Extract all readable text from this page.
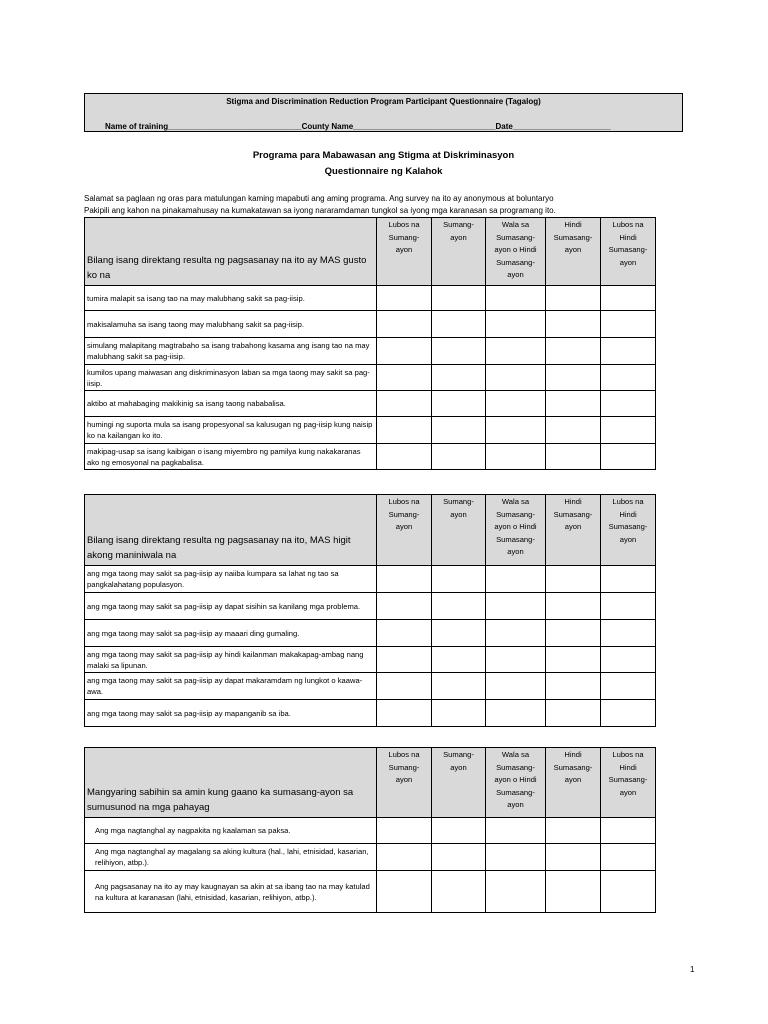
Stigma and Discrimination Reduction Program Participant Questionnaire (Tagalog)
Name of training______________________________County Name________________________________Date______________________
Programa para Mabawasan ang Stigma at Diskriminasyon
Questionnaire ng Kalahok
Salamat sa paglaan ng oras para matulungan kaming mapabuti ang aming programa. Ang survey na ito ay anonymous at boluntaryo
Pakipili ang kahon na pinakamahusay na kumakatawan sa iyong nararamdaman tungkol sa iyong mga karanasan sa programang ito.
Bilang isang direktang resulta ng pagsasanay na ito ay MAS gusto ko na	Lubos na
Sumang-
ayon	Sumang-
ayon	Wala sa
Sumasang-
ayon o Hindi
Sumasang-
ayon	Hindi
Sumasang-
ayon	Lubos na
Hindi
Sumasang-
ayon
tumira malapit sa isang tao na may malubhang sakit sa pag-iisip.					
makisalamuha sa isang taong may malubhang sakit sa pag-iisip.					
simulang malapitang magtrabaho sa isang trabahong kasama ang isang tao na may malubhang sakit sa pag-iisip.					
kumilos upang maiwasan ang diskriminasyon laban sa mga taong may sakit sa pag-iisip.					
aktibo at mahabaging makikinig sa isang taong nababalisa.					
humingi ng suporta mula sa isang propesyonal sa kalusugan ng pag-iisip kung naisip ko na kailangan ko ito.					
makipag-usap sa isang kaibigan o isang miyembro ng pamilya kung nakakaranas ako ng emosyonal na pagkabalisa.					
Bilang isang direktang resulta ng pagsasanay na ito, MAS higit akong maniniwala na	Lubos na
Sumang-
ayon	Sumang-
ayon	Wala sa
Sumasang-
ayon o Hindi
Sumasang-
ayon	Hindi
Sumasang-
ayon	Lubos na
Hindi
Sumasang-
ayon
ang mga taong may sakit sa pag-iisip ay naiiba kumpara sa lahat ng tao sa pangkalahatang populasyon.					
ang mga taong may sakit sa pag-iisip ay dapat sisihin sa kanilang mga problema.					
ang mga taong may sakit sa pag-iisip ay maaari ding gumaling.					
ang mga taong may sakit sa pag-iisip ay hindi kailanman makakapag-ambag nang malaki sa lipunan.					
ang mga taong may sakit sa pag-iisip ay dapat makaramdam ng lungkot o kaawa-awa.					
ang mga taong may sakit sa pag-iisip ay mapanganib sa iba.					
Mangyaring sabihin sa amin kung gaano ka sumasang-ayon sa sumusunod na mga pahayag	Lubos na
Sumang-
ayon	Sumang-
ayon	Wala sa
Sumasang-
ayon o Hindi
Sumasang-
ayon	Hindi
Sumasang-
ayon	Lubos na
Hindi
Sumasang-
ayon
Ang mga nagtanghal ay nagpakita ng kaalaman sa paksa.					
Ang mga nagtanghal ay magalang sa aking kultura (hal., lahi, etnisidad, kasarian, relihiyon, atbp.).					
Ang pagsasanay na ito ay may kaugnayan sa akin at sa ibang tao na may katulad na kultura at karanasan (lahi, etnisidad, kasarian, relihiyon, atbp.).					
1
